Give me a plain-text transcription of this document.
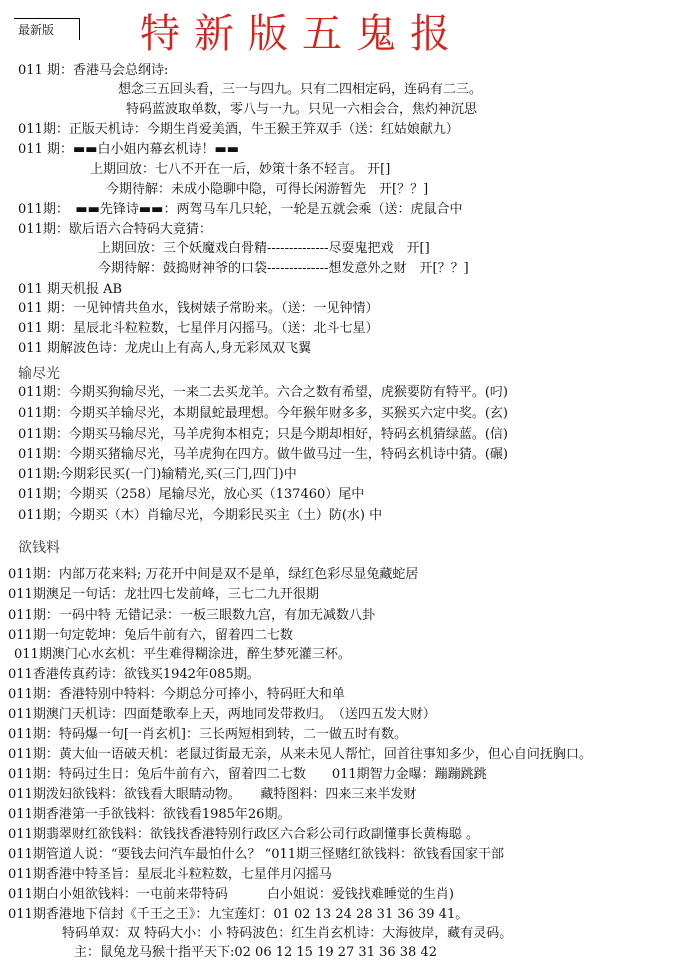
最新版	特新版五鬼报
011 期：香港马会总纲诗:
想念三五回头看，三一与四九。只有二四相定码，连码有二三。
特码蓝波取单数，零八与一九。只见一六相会合，焦灼神沉思
011期：正版天机诗：今期生肖爱美酒，牛王猴王笄双手（送：红姑娘献九）
011 期：▬▬白小姐内幕玄机诗！▬▬
上期回放：七八不开在一后，妙策十条不轻言。 开[]
今期待解：未成小隐聊中隐，可得长闲游暂先　开[？？]
011期：　▬▬先锋诗▬▬：两驾马车几只轮，一轮是五就会乘（送：虎鼠合中
011期：歇后语六合特码大竟猜：
上期回放：三个妖魔戏白骨精--------------尽耍鬼把戏　开[]
今期待解：鼓捣财神爷的口袋--------------想发意外之财　开[？？]
011 期天机报 AB
011 期：一见钟情共鱼水，钱树婊子常盼来。（送：一见钟情）
011 期：星辰北斗粒粒数，七星伴月闪摇马。（送：北斗七星）
011 期解波色诗：龙虎山上有高人,身无彩凤双飞翼
输尽光
011期：今期买狗输尽光，一来二去买龙羊。六合之数有希望，虎猴要防有特平。(叼)
011期：今期买羊输尽光，本期鼠蛇最理想。今年猴年财多多，买猴买六定中奖。(玄)
011期：今期买马输尽光，马羊虎狗本相克；只是今期却相好，特码玄机猜绿蓝。(信)
011期：今期买猪输尽光，马羊虎狗在四方。做牛做马过一生，特码玄机诗中猜。(碾)
011期:今期彩民买(一门)输精光,买(三门,四门)中
011期；今期买（258）尾输尽光，放心买（137460）尾中
011期；今期买（木）肖输尽光，今期彩民买主（土）防(水) 中
欲钱料
011期：内部万花来料; 万花开中间是双不是单，绿红色彩尽显兔藏蛇居
011期澳足一句话：龙壮四七发前峰，三七二九开很期
011期：一码中特 无错记录：一板三眼数九宫，有加无减数八卦
011期一句定乾坤：兔后牛前有六，留着四二七数
011期澳门心水玄机：平生难得糊涂进，醉生梦死灌三杯。
011香港传真药诗：欲钱买1942年085期。
011期：香港特别中特料：今期总分可捧小，特码旺大和单
011期澳门天机诗：四面楚歌奉上天，两地同发带救归。　（送四五发大财）
011期：特码爆一句[一肖玄机]：三长两短相到转，二一做五时有数。
011期：黄大仙一语破天机：老鼠过街最无亲，从来未见人帮忙，回首往事知多少，但心自问抚胸口。
011期：特码过生日：兔后牛前有六，留着四二七数　　011期智力金曝：蹦蹦跳跳
011期泼妇欲钱料：欲钱看大眼睛动物。　　藏特图料：四来三来半发财
011期香港第一手欲钱料：欲钱看1985年26期。
011期翡翠财红欲钱料：欲钱找香港特别行政区六合彩公司行政副懂事长黄梅聪 。
011期管道人说：“要钱去问汽车最怕什么？ “011期三怪赌红欲钱料：欲钱看国家干部
011期香港中特圣旨：星辰北斗粒粒数，七星伴月闪摇马
011期白小姐欲钱料：一屯前来带特码　　　白小姐说：爱钱找难睡觉的生肖)
011期香港地下信封《千王之王》：九宝莲灯：01 02 13 24 28 31 36 39 41。
特码单双：双 特码大小：小 特码波色：红生肖玄机诗：大海彼岸，藏有灵码。
主：鼠兔龙马猴十指平天下:02 06 12 15 19 27 31 36 38 42
